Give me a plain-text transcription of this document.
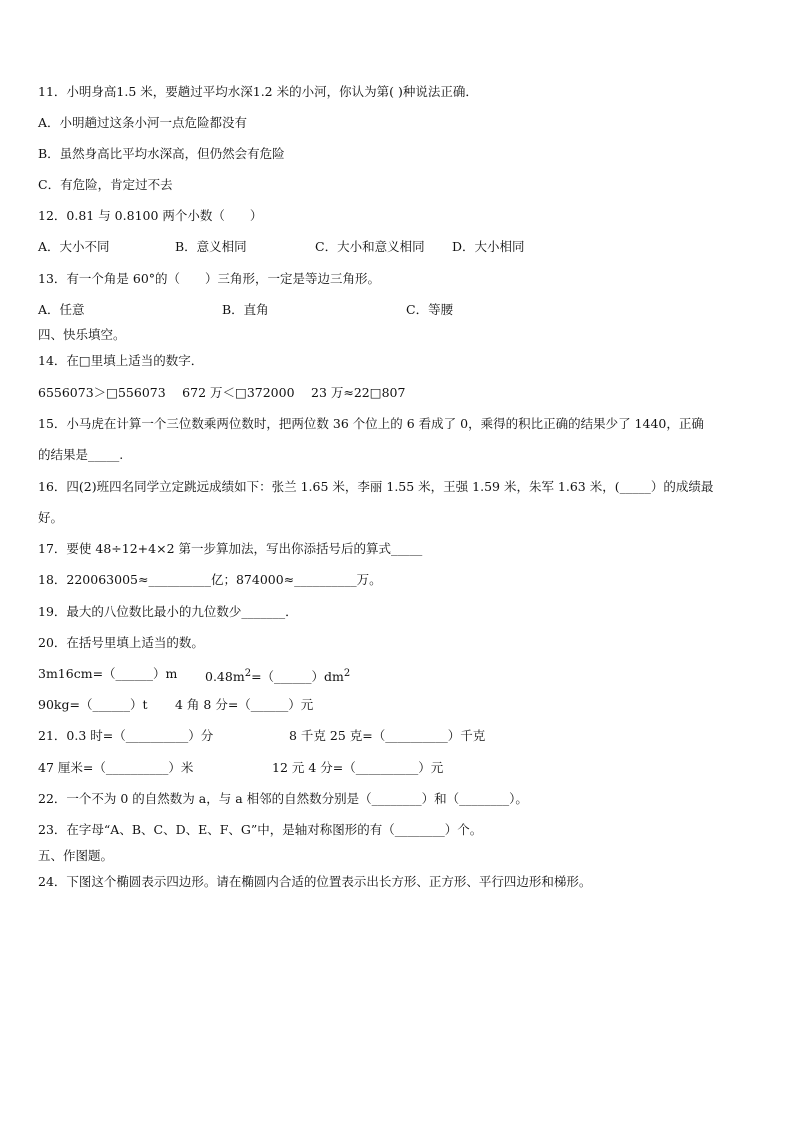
11．小明身高1.5 米，要趟过平均水深1.2 米的小河，你认为第( )种说法正确．
A．小明趟过这条小河一点危险都没有
B．虽然身高比平均水深高，但仍然会有危险
C．有危险，肯定过不去
12．0.81 与 0.8100 两个小数（　　）
A．大小不同	B．意义相同	C．大小和意义相同 D．大小相同
13．有一个角是 60°的（　　）三角形，一定是等边三角形。
A．任意	B．直角	C．等腰
四、快乐填空。
14．在□里填上适当的数字．
6556073＞□556073　 672 万＜□372000　 23 万≈22□807
15．小马虎在计算一个三位数乘两位数时，把两位数 36 个位上的 6 看成了 0，乘得的积比正确的结果少了 1440，正确
的结果是_____.
16．四(2)班四名同学立定跳远成绩如下：张兰 1.65 米，李丽 1.55 米，王强 1.59 米，朱军 1.63 米，(_____）的成绩最
好。
17．要使 48÷12+4×2 第一步算加法，写出你添括号后的算式_____
18．220063005≈__________亿；874000≈__________万。
19．最大的八位数比最小的九位数少_______．
20．在括号里填上适当的数。
3m16cm=（______）m $0.48m^2=(\_\_\_\_\_\_)dm^2$
90kg=（______）t 4 角 8 分=（______）元
21．0.3 时=（__________）分	8 千克 25 克=（__________）千克
47 厘米=（__________）米	12 元 4 分=（__________）元
22．一个不为 0 的自然数为 a，与 a 相邻的自然数分别是（________）和（________）。
23．在字母“A、B、C、D、E、F、G”中，是轴对称图形的有（________）个。
五、作图题。
24．下图这个椭圆表示四边形。请在椭圆内合适的位置表示出长方形、正方形、平行四边形和梯形。
